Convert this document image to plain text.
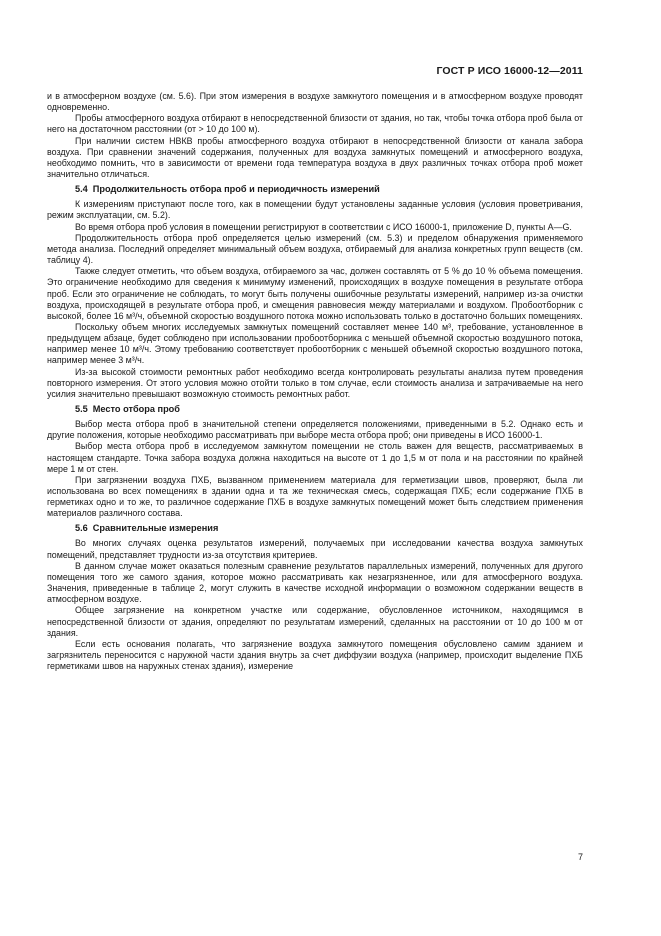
ГОСТ Р ИСО 16000-12—2011

и в атмосферном воздухе (см. 5.6). При этом измерения в воздухе замкнутого помещения и в атмосферном воздухе проводят одновременно.

Пробы атмосферного воздуха отбирают в непосредственной близости от здания, но так, чтобы точка отбора проб была от него на достаточном расстоянии (от > 10 до 100 м).

При наличии систем НВКВ пробы атмосферного воздуха отбирают в непосредственной близости от канала забора воздуха. При сравнении значений содержания, полученных для воздуха замкнутых помещений и атмосферного воздуха, необходимо помнить, что в зависимости от времени года температура воздуха в двух различных точках отбора проб может значительно отличаться.

5.4 Продолжительность отбора проб и периодичность измерений

К измерениям приступают после того, как в помещении будут установлены заданные условия (условия проветривания, режим эксплуатации, см. 5.2).

Во время отбора проб условия в помещении регистрируют в соответствии с ИСО 16000-1, приложение D, пункты А—G.

Продолжительность отбора проб определяется целью измерений (см. 5.3) и пределом обнаружения применяемого метода анализа. Последний определяет минимальный объем воздуха, отбираемый для анализа конкретных групп веществ (см. таблицу 4).

Также следует отметить, что объем воздуха, отбираемого за час, должен составлять от 5 % до 10 % объема помещения. Это ограничение необходимо для сведения к минимуму изменений, происходящих в воздухе помещения в результате отбора проб. Если это ограничение не соблюдать, то могут быть получены ошибочные результаты измерений, например из-за очистки воздуха, происходящей в результате отбора проб, и смещения равновесия между материалами и воздухом. Пробоотборник с высокой, более 16 м³/ч, объемной скоростью воздушного потока можно использовать только в достаточно больших помещениях.

Поскольку объем многих исследуемых замкнутых помещений составляет менее 140 м³, требование, установленное в предыдущем абзаце, будет соблюдено при использовании пробоотборника с меньшей объемной скоростью воздушного потока, например менее 10 м³/ч. Этому требованию соответствует пробоотборник с меньшей объемной скоростью воздушного потока, например менее 3 м³/ч.

Из-за высокой стоимости ремонтных работ необходимо всегда контролировать результаты анализа путем проведения повторного измерения. От этого условия можно отойти только в том случае, если стоимость анализа и затрачиваемые на него усилия значительно превышают возможную стоимость ремонтных работ.

5.5 Место отбора проб

Выбор места отбора проб в значительной степени определяется положениями, приведенными в 5.2. Однако есть и другие положения, которые необходимо рассматривать при выборе места отбора проб; они приведены в ИСО 16000-1.

Выбор места отбора проб в исследуемом замкнутом помещении не столь важен для веществ, рассматриваемых в настоящем стандарте. Точка забора воздуха должна находиться на высоте от 1 до 1,5 м от пола и на расстоянии по крайней мере 1 м от стен.

При загрязнении воздуха ПХБ, вызванном применением материала для герметизации швов, проверяют, была ли использована во всех помещениях в здании одна и та же техническая смесь, содержащая ПХБ; если содержание ПХБ в герметиках одно и то же, то различное содержание ПХБ в воздухе замкнутых помещений может быть следствием применения материалов различного состава.

5.6 Сравнительные измерения

Во многих случаях оценка результатов измерений, получаемых при исследовании качества воздуха замкнутых помещений, представляет трудности из-за отсутствия критериев.

В данном случае может оказаться полезным сравнение результатов параллельных измерений, полученных для другого помещения того же самого здания, которое можно рассматривать как незагрязненное, или для атмосферного воздуха. Значения, приведенные в таблице 2, могут служить в качестве исходной информации о возможном содержании веществ в атмосферном воздухе.

Общее загрязнение на конкретном участке или содержание, обусловленное источником, находящимся в непосредственной близости от здания, определяют по результатам измерений, сделанных на расстоянии от 10 до 100 м от здания.

Если есть основания полагать, что загрязнение воздуха замкнутого помещения обусловлено самим зданием и загрязнитель переносится с наружной части здания внутрь за счет диффузии воздуха (например, происходит выделение ПХБ герметиками швов на наружных стенах здания), измерение

7
